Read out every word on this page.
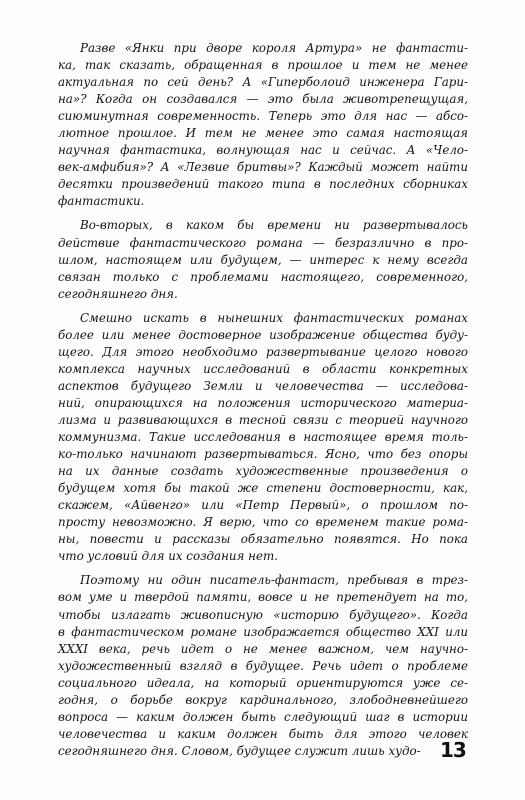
Разве «Янки при дворе короля Артура» не фантасти-
ка, так сказать, обращенная в прошлое и тем не менее
актуальная по сей день? А «Гиперболоид инженера Гари-
на»? Когда он создавался — это была животрепещущая,
сиюминутная современность. Теперь это для нас — абсо-
лютное прошлое. И тем не менее это самая настоящая
научная фантастика, волнующая нас и сейчас. А «Чело-
век-амфибия»? А «Лезвие бритвы»? Каждый может найти
десятки произведений такого типа в последних сборниках
фантастики.
Во-вторых, в каком бы времени ни развертывалось
действие фантастического романа — безразлично в про-
шлом, настоящем или будущем, — интерес к нему всегда
связан только с проблемами настоящего, современного,
сегодняшнего дня.
Смешно искать в нынешних фантастических романах
более или менее достоверное изображение общества буду-
щего. Для этого необходимо развертывание целого нового
комплекса научных исследований в области конкретных
аспектов будущего Земли и человечества — исследова-
ний, опирающихся на положения исторического материа-
лизма и развивающихся в тесной связи с теорией научного
коммунизма. Такие исследования в настоящее время толь-
ко-только начинают развертываться. Ясно, что без опоры
на их данные создать художественные произведения о
будущем хотя бы такой же степени достоверности, как,
скажем, «Айвенго» или «Петр Первый», о прошлом по-
просту невозможно. Я верю, что со временем такие рома-
ны, повести и рассказы обязательно появятся. Но пока
что условий для их создания нет.
Поэтому ни один писатель-фантаст, пребывая в трез-
вом уме и твердой памяти, вовсе и не претендует на то,
чтобы излагать живописную «историю будущего». Когда
в фантастическом романе изображается общество XXI или
XXXI века, речь идет о не менее важном, чем научно-
художественный взгляд в будущее. Речь идет о проблеме
социального идеала, на который ориентируются уже се-
годня, о борьбе вокруг кардинального, злободневнейшего
вопроса — каким должен быть следующий шаг в истории
человечества и каким должен быть для этого человек
сегодняшнего дня. Словом, будущее служит лишь худо- 13
